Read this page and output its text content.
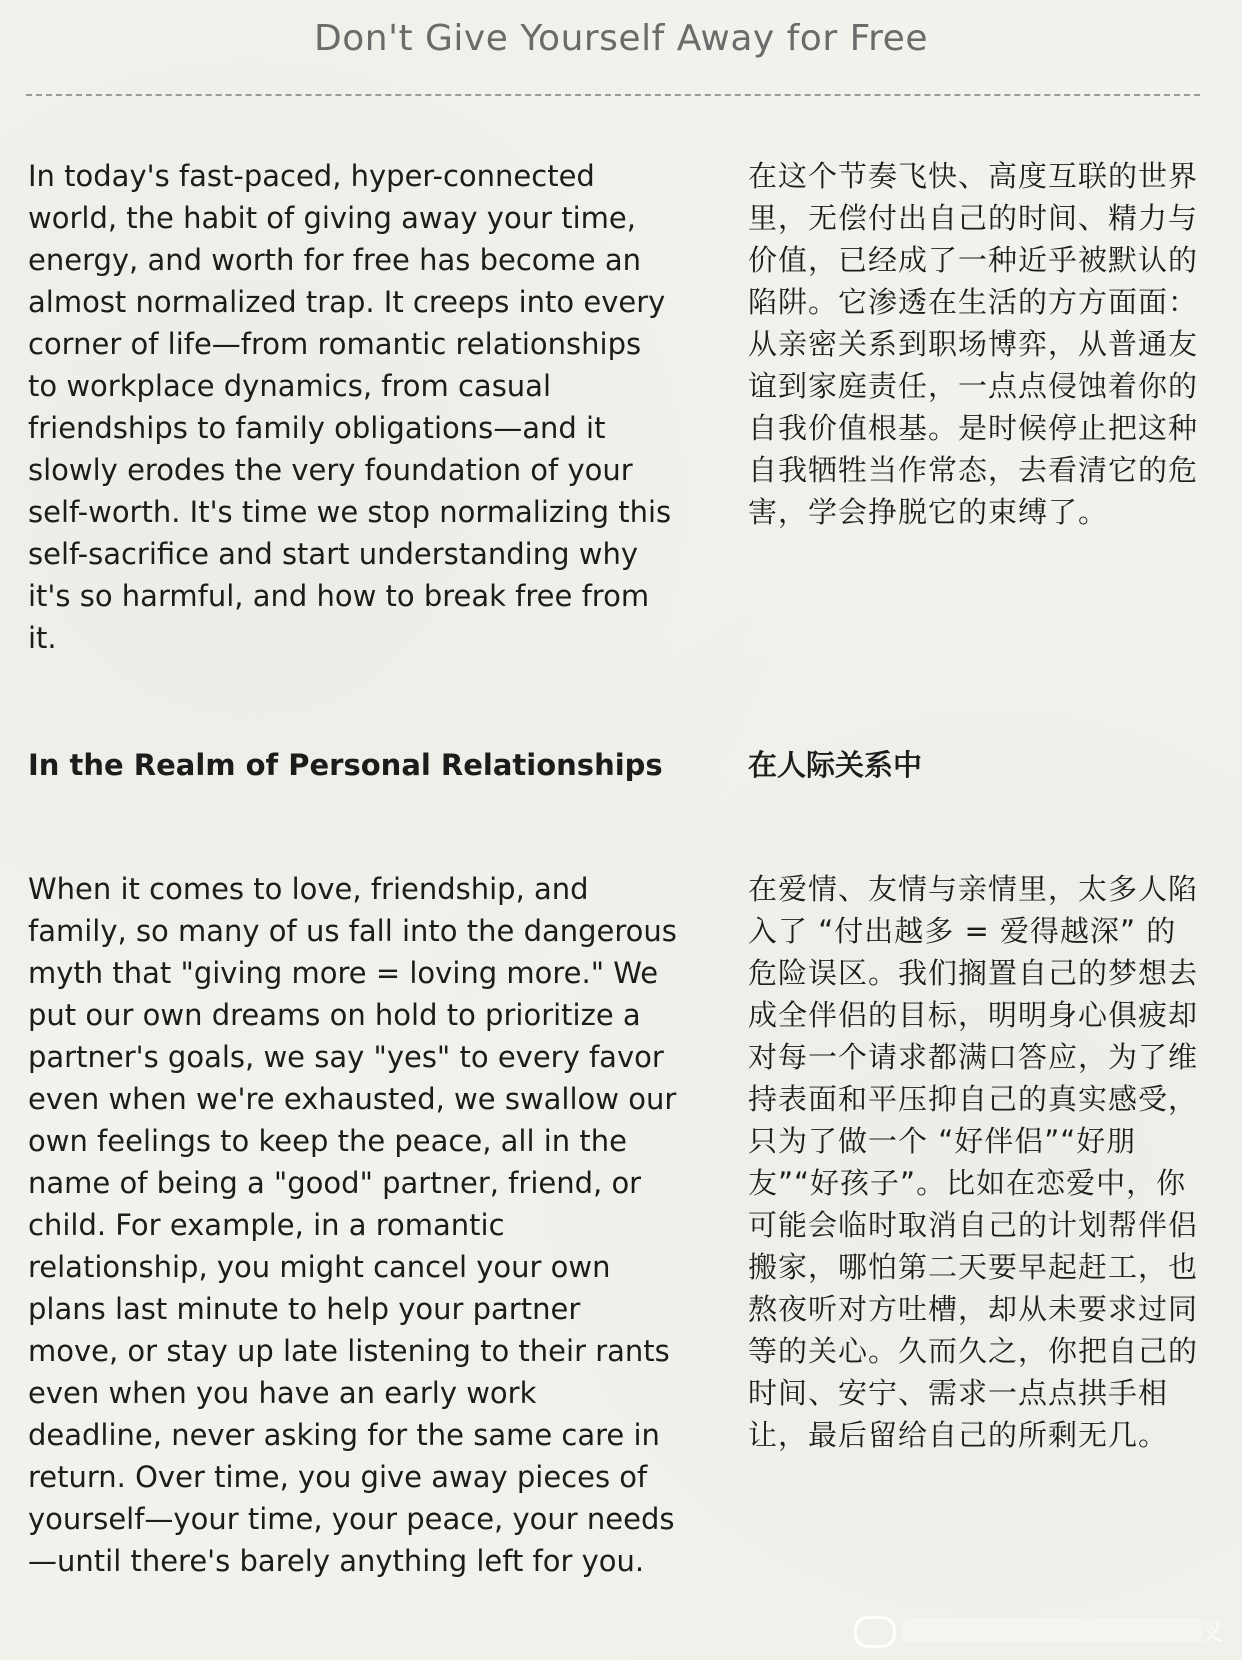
Don't Give Yourself Away for Free

In today's fast-paced, hyper-connected world, the habit of giving away your time, energy, and worth for free has become an almost normalized trap. It creeps into every corner of life—from romantic relationships to workplace dynamics, from casual friendships to family obligations—and it slowly erodes the very foundation of your self-worth. It's time we stop normalizing this self-sacrifice and start understanding why it's so harmful, and how to break free from it.

在这个节奏飞快、高度互联的世界里，无偿付出自己的时间、精力与价值，已经成了一种近乎被默认的陷阱。它渗透在生活的方方面面：从亲密关系到职场博弈，从普通友谊到家庭责任，一点点侵蚀着你的自我价值根基。是时候停止把这种自我牺牲当作常态，去看清它的危害，学会挣脱它的束缚了。

In the Realm of Personal Relationships	在人际关系中

When it comes to love, friendship, and family, so many of us fall into the dangerous myth that "giving more = loving more." We put our own dreams on hold to prioritize a partner's goals, we say "yes" to every favor even when we're exhausted, we swallow our own feelings to keep the peace, all in the name of being a "good" partner, friend, or child. For example, in a romantic relationship, you might cancel your own plans last minute to help your partner move, or stay up late listening to their rants even when you have an early work deadline, never asking for the same care in return. Over time, you give away pieces of yourself—your time, your peace, your needs—until there's barely anything left for you.

在爱情、友情与亲情里，太多人陷入了 “付出越多 = 爱得越深” 的危险误区。我们搁置自己的梦想去成全伴侣的目标，明明身心俱疲却对每一个请求都满口答应，为了维持表面和平压抑自己的真实感受，只为了做一个 “好伴侣”“好朋友”“好孩子”。比如在恋爱中，你可能会临时取消自己的计划帮伴侣搬家，哪怕第二天要早起赶工，也熬夜听对方吐槽，却从未要求过同等的关心。久而久之，你把自己的时间、安宁、需求一点点拱手相让，最后留给自己的所剩无几。

叉
